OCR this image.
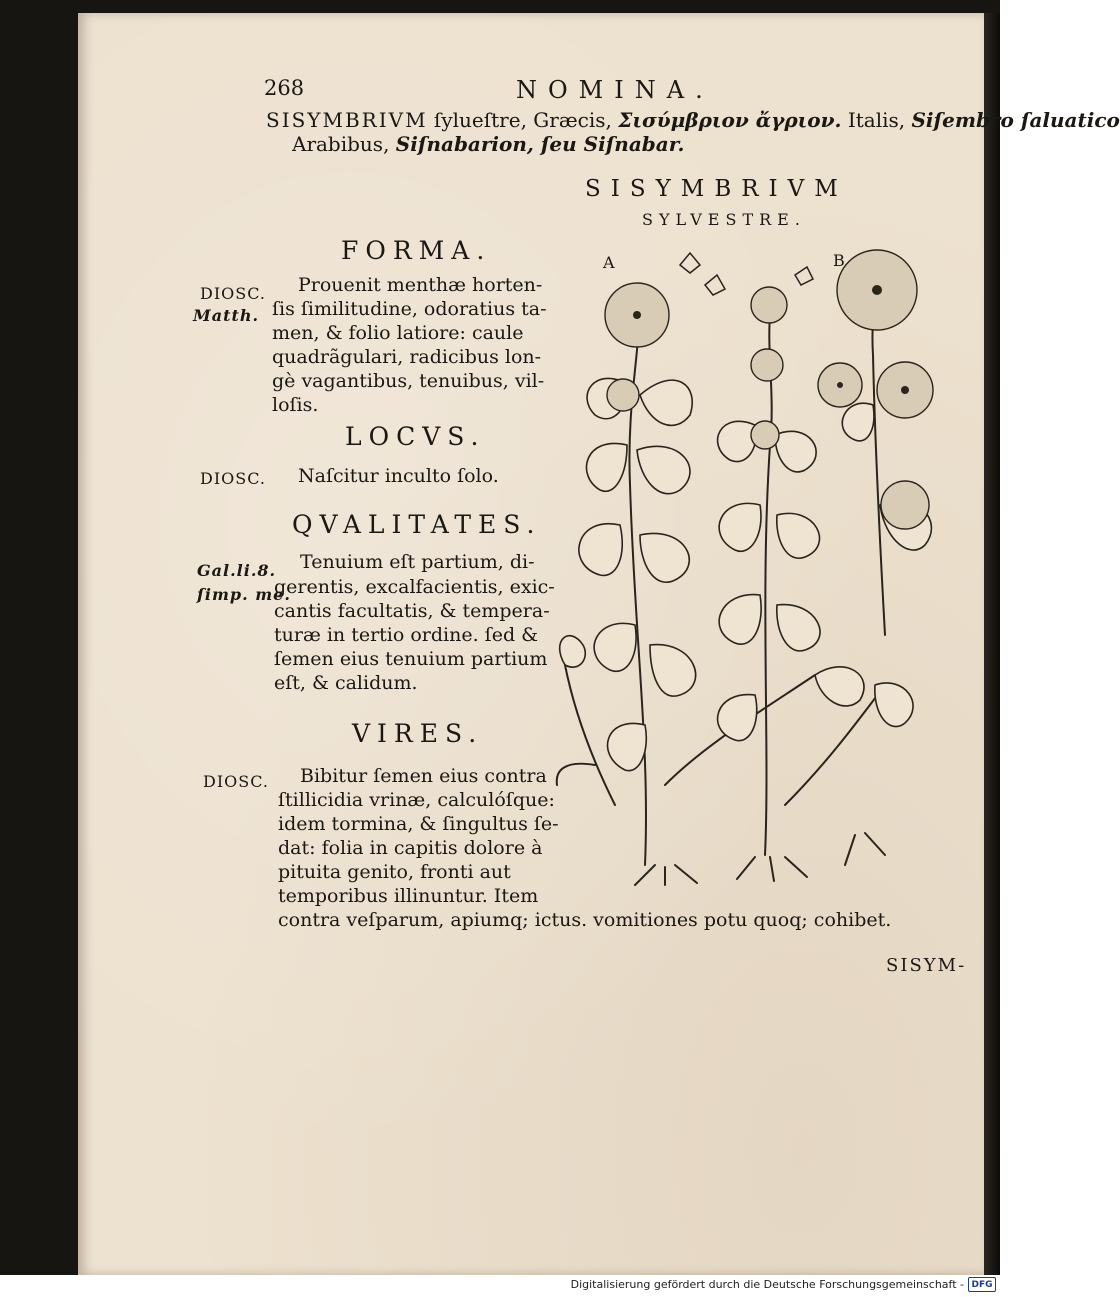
268	NOMINA.
SISYMBRIVM ſylueſtre, Græcis, Σισύμβριον ἄγριον. Italis, Siſembro ſaluatico
Arabibus, Siſnabarion, ſeu Siſnabar.
SISYMBRIVM
SYLVESTRE.
FORMA.
LOCVS.
QVALITATES.
VIRES.
DIOSC.
Matth.
DIOSC.
Gal.li.8.
ſimp. me.
DIOSC.
Prouenit menthæ horten-
ſis ſimilitudine, odoratius ta-
men, & folio latiore: caule
quadrãgulari, radicibus lon-
gè vagantibus, tenuibus, vil-
loſis.
Naſcitur inculto ſolo.
Tenuium eſt partium, di-
gerentis, excalfacientis, exic-
cantis facultatis, & tempera-
turæ in tertio ordine. ſed &
ſemen eius tenuium partium
eſt, & calidum.
Bibitur ſemen eius contra
ſtillicidia vrinæ, calculóſque:
idem tormina, & ſingultus ſe-
dat: folia in capitis dolore à
pituita genito, fronti aut
temporibus illinuntur. Item
contra veſparum, apiumq; ictus. vomitiones potu quoq; cohibet.
A	B
SISYM-
Digitalisierung gefördert durch die Deutsche Forschungsgemeinschaft - DFG
